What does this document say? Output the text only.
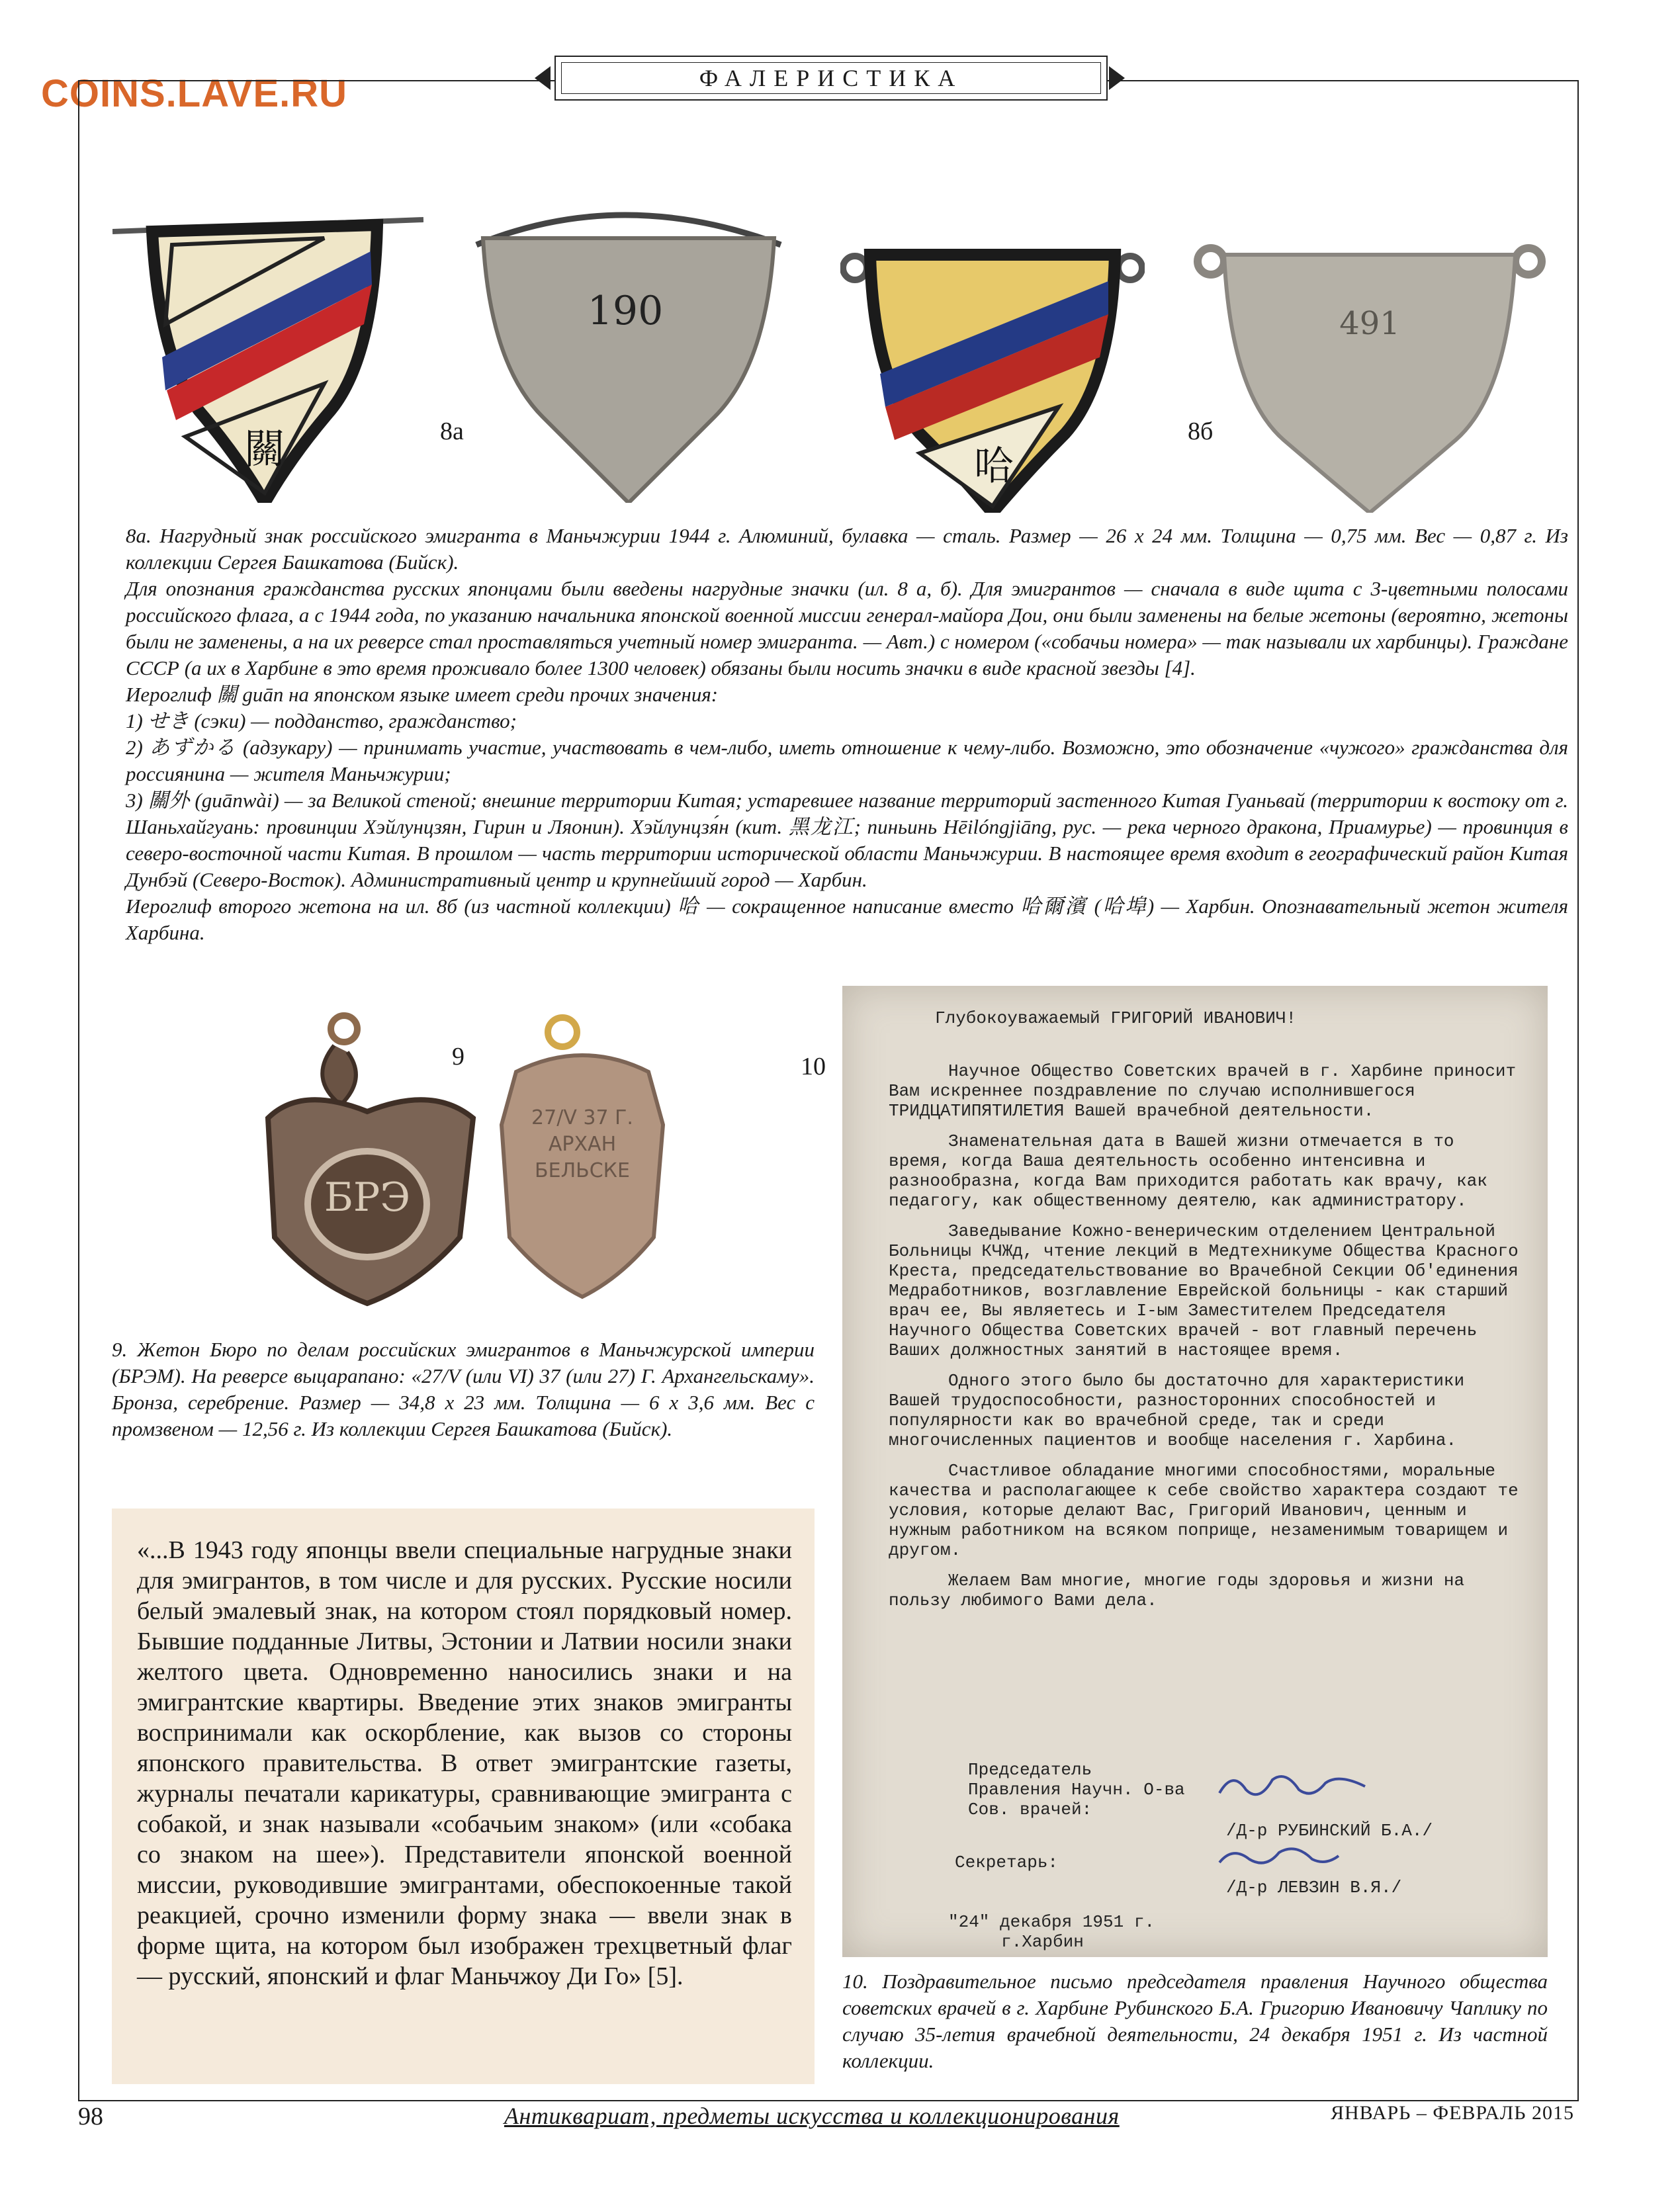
COINS.LAVE.RU	ФАЛЕРИСТИКА
關
190
8а
哈
491
8б

8а. Нагрудный знак российского эмигранта в Маньчжурии 1944 г. Алюминий, булавка — сталь. Размер — 26 х 24 мм. Толщина — 0,75 мм. Вес — 0,87 г. Из коллекции Сергея Башкатова (Бийск).

Для опознания гражданства русских японцами были введены нагрудные значки (ил. 8 а, б). Для эмигрантов — сначала в виде щита с 3-цветными полосами российского флага, а с 1944 года, по указанию начальника японской военной миссии генерал-майора Дои, они были заменены на белые жетоны (вероятно, жетоны были не заменены, а на их реверсе стал проставляться учетный номер эмигранта. — Авт.) с номером («собачьи номера» — так называли их харбинцы). Граждане СССР (а их в Харбине в это время проживало более 1300 человек) обязаны были носить значки в виде красной звезды [4].

Иероглиф 關 guān на японском языке имеет среди прочих значения:

1) せき (сэки) — подданство, гражданство;

2) あずかる (адзукару) — принимать участие, участвовать в чем-либо, иметь отношение к чему-либо. Возможно, это обозначение «чужого» гражданства для россиянина — жителя Маньчжурии;

3) 關外 (guānwài) — за Великой стеной; внешние территории Китая; устаревшее название территорий застенного Китая Гуаньвай (территории к востоку от г. Шаньхайгуань: провинции Хэйлунцзян, Гирин и Ляонин). Хэйлунцзя́н (кит. 黑龙江; пиньинь Hēilóngjiāng, рус. — река черного дракона, Приамурье) — провинция в северо-восточной части Китая. В прошлом — часть территории исторической области Маньчжурии. В настоящее время входит в географический район Китая Дунбэй (Северо-Восток). Административный центр и крупнейший город — Харбин.

Иероглиф второго жетона на ил. 8б (из частной коллекции) 哈 — сокращенное написание вместо 哈爾濱 (哈埠) — Харбин. Опознавательный жетон жителя Харбина.

9
БРЭ
27/V 37 Г. АРХАН БЕЛЬСКЕ

9. Жетон Бюро по делам российских эмигрантов в Маньчжурской империи (БРЭМ). На реверсе выцарапано: «27/V (или VI) 37 (или 27) Г. Архангельскаму». Бронза, серебрение. Размер — 34,8 х 23 мм. Толщина — 6 х 3,6 мм. Вес с промзвеном — 12,56 г. Из коллекции Сергея Башкатова (Бийск).

«...В 1943 году японцы ввели специальные нагрудные знаки для эмигрантов, в том числе и для русских. Русские носили белый эмалевый знак, на котором стоял порядковый номер. Бывшие подданные Литвы, Эстонии и Латвии носили знаки желтого цвета. Одновременно наносились знаки и на эмигрантские квартиры. Введение этих знаков эмигранты воспринимали как оскорбление, как вызов со стороны японского правительства. В ответ эмигрантские газеты, журналы печатали карикатуры, сравнивающие эмигранта с собакой, и знак называли «собачьим знаком» (или «собака со знаком на шее»). Представители японской военной миссии, руководившие эмигрантами, обеспокоенные такой реакцией, срочно изменили форму знака — ввели знак в форме щита, на котором был изображен трехцветный флаг — русский, японский и флаг Маньчжоу Ди Го» [5].

10

Глубокоуважаемый ГРИГОРИЙ ИВАНОВИЧ!

Научное Общество Советских врачей в г. Харбине приносит Вам искреннее поздравление по случаю исполнившегося ТРИДЦАТИПЯТИЛЕТИЯ Вашей врачебной деятельности.

Знаменательная дата в Вашей жизни отмечается в то время, когда Ваша деятельность особенно интенсивна и разнообразна, когда Вам приходится работать как врачу, как педагогу, как общественному деятелю, как администратору.

Заведывание Кожно-венерическим отделением Центральной Больницы КЧЖд, чтение лекций в Медтехникуме Общества Красного Креста, председательствование во Врачебной Секции Об'единения Медработников, возглавление Еврейской больницы - как старший врач ее, Вы являетесь и I-ым Заместителем Председателя Научного Общества Советских врачей - вот главный перечень Ваших должностных занятий в настоящее время.

Одного этого было бы достаточно для характеристики Вашей трудоспособности, разносторонних способностей и популярности как во врачебной среде, так и среди многочисленных пациентов и вообще населения г. Харбина.

Счастливое обладание многими способностями, моральные качества и располагающее к себе свойство характера создают те условия, которые делают Вас, Григорий Иванович, ценным и нужным работником на всяком поприще, незаменимым товарищем и другом.

Желаем Вам многие, многие годы здоровья и жизни на пользу любимого Вами дела.

Председатель
Правления Научн. О-ва
Сов. врачей:
/Д-р РУБИНСКИЙ Б.А./
Секретарь:
/Д-р ЛЕВЗИН В.Я./
"24" декабря 1951 г.
г.Харбин

10. Поздравительное письмо председателя правления Научного общества советских врачей в г. Харбине Рубинского Б.А. Григорию Ивановичу Чаплику по случаю 35-летия врачебной деятельности, 24 декабря 1951 г. Из частной коллекции.

98	Антиквариат, предметы искусства и коллекционирования	ЯНВАРЬ – ФЕВРАЛЬ 2015
